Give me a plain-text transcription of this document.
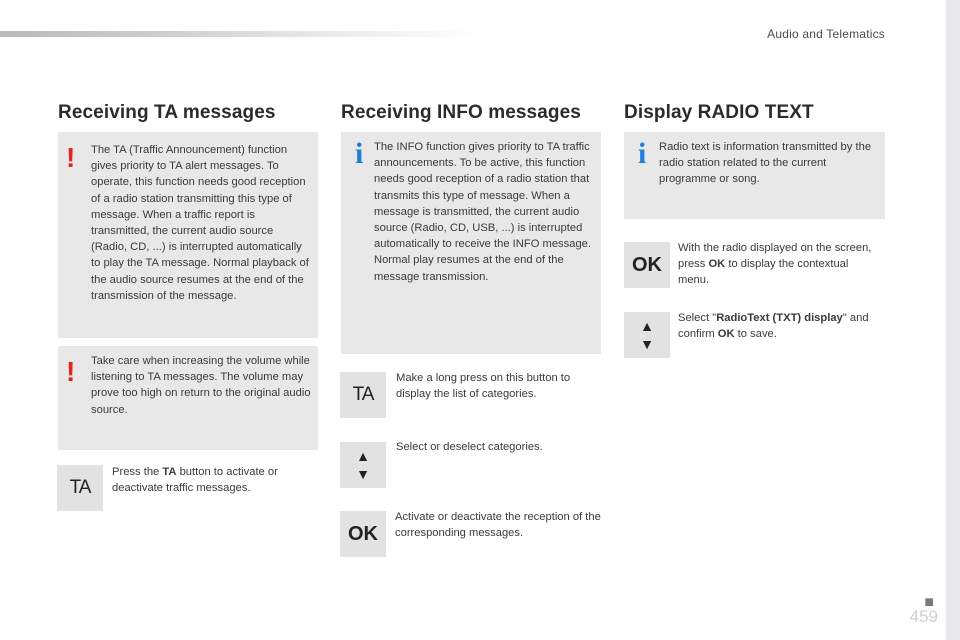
Audio and Telematics
Receiving TA messages
! The TA (Traffic Announcement) function gives priority to TA alert messages. To operate, this function needs good reception of a radio station transmitting this type of message. When a traffic report is transmitted, the current audio source (Radio, CD, ...) is interrupted automatically to play the TA message. Normal playback of the audio source resumes at the end of the transmission of the message.
! Take care when increasing the volume while listening to TA messages. The volume may prove too high on return to the original audio source.
TA
Press the TA button to activate or deactivate traffic messages.
Receiving INFO messages
i The INFO function gives priority to TA traffic announcements. To be active, this function needs good reception of a radio station that transmits this type of message. When a message is transmitted, the current audio source (Radio, CD, USB, ...) is interrupted automatically to receive the INFO message. Normal play resumes at the end of the message transmission.
TA
Make a long press on this button to display the list of categories.
▲
▼
Select or deselect categories.
OK
Activate or deactivate the reception of the corresponding messages.
Display RADIO TEXT
i Radio text is information transmitted by the radio station related to the current programme or song.
OK
With the radio displayed on the screen, press OK to display the contextual menu.
▲
▼
Select "RadioText (TXT) display" and confirm OK to save.
■
459
